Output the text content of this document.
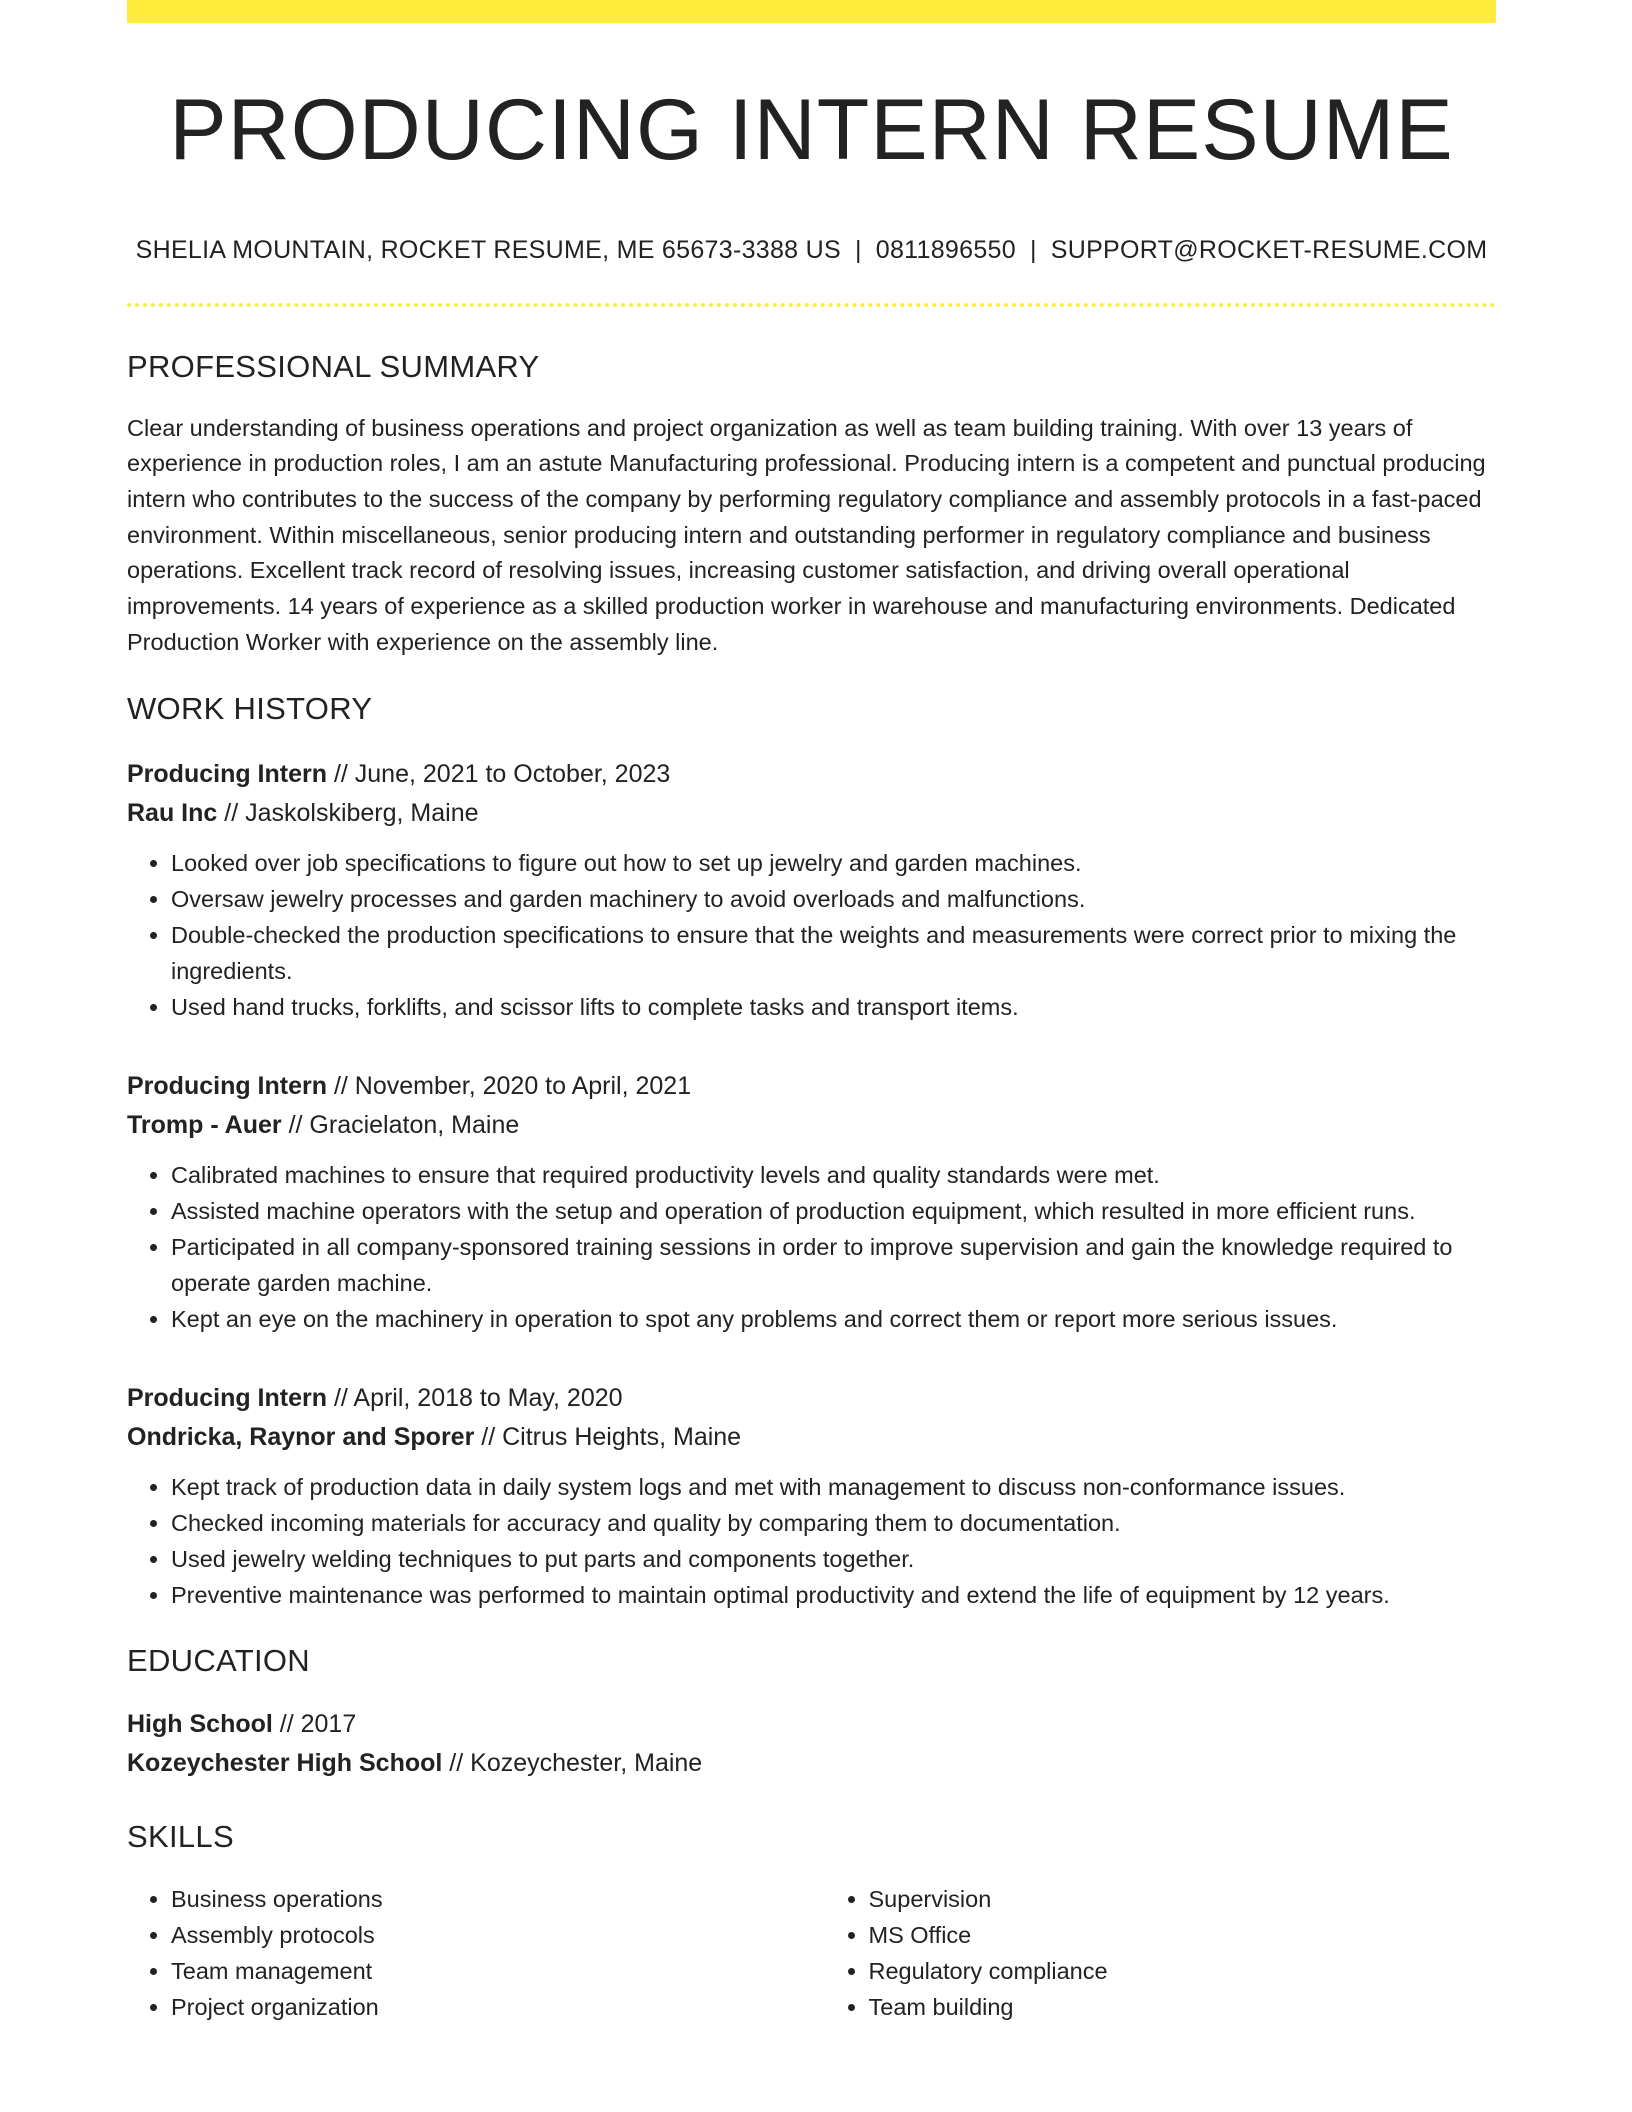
PRODUCING INTERN RESUME
SHELIA MOUNTAIN, ROCKET RESUME, ME 65673-3388 US | 0811896550 | SUPPORT@ROCKET-RESUME.COM
PROFESSIONAL SUMMARY

Clear understanding of business operations and project organization as well as team building training. With over 13 years of experience in production roles, I am an astute Manufacturing professional. Producing intern is a competent and punctual producing intern who contributes to the success of the company by performing regulatory compliance and assembly protocols in a fast-paced environment. Within miscellaneous, senior producing intern and outstanding performer in regulatory compliance and business operations. Excellent track record of resolving issues, increasing customer satisfaction, and driving overall operational improvements. 14 years of experience as a skilled production worker in warehouse and manufacturing environments. Dedicated Production Worker with experience on the assembly line.

WORK HISTORY
Producing Intern // June, 2021 to October, 2023
Rau Inc // Jaskolskiberg, Maine
• Looked over job specifications to figure out how to set up jewelry and garden machines.
• Oversaw jewelry processes and garden machinery to avoid overloads and malfunctions.
• Double-checked the production specifications to ensure that the weights and measurements were correct prior to mixing the ingredients.
• Used hand trucks, forklifts, and scissor lifts to complete tasks and transport items.
Producing Intern // November, 2020 to April, 2021
Tromp - Auer // Gracielaton, Maine
• Calibrated machines to ensure that required productivity levels and quality standards were met.
• Assisted machine operators with the setup and operation of production equipment, which resulted in more efficient runs.
• Participated in all company-sponsored training sessions in order to improve supervision and gain the knowledge required to operate garden machine.
• Kept an eye on the machinery in operation to spot any problems and correct them or report more serious issues.
Producing Intern // April, 2018 to May, 2020
Ondricka, Raynor and Sporer // Citrus Heights, Maine
• Kept track of production data in daily system logs and met with management to discuss non-conformance issues.
• Checked incoming materials for accuracy and quality by comparing them to documentation.
• Used jewelry welding techniques to put parts and components together.
• Preventive maintenance was performed to maintain optimal productivity and extend the life of equipment by 12 years.
EDUCATION
High School // 2017
Kozeychester High School // Kozeychester, Maine
SKILLS
• Business operations
• Assembly protocols
• Team management
• Project organization
• Supervision
• MS Office
• Regulatory compliance
• Team building
